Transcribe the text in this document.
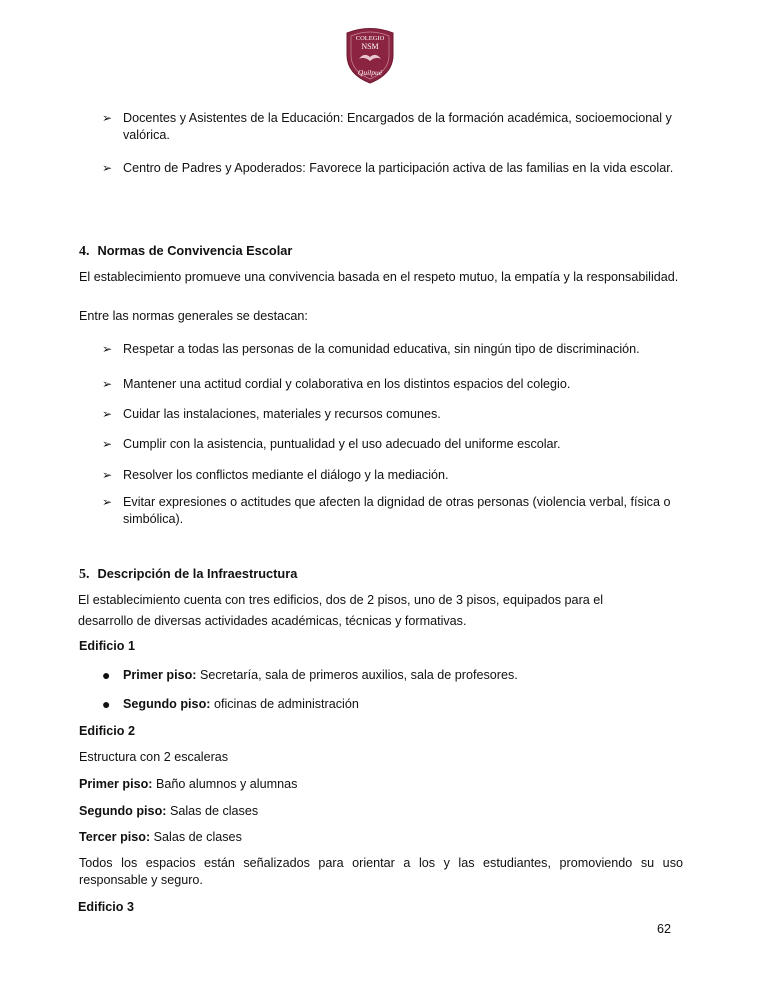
COLEGIO
NSM
Quilpué
➢ Docentes y Asistentes de la Educación: Encargados de la formación académica, socioemocional y valórica.
➢ Centro de Padres y Apoderados: Favorece la participación activa de las familias en la vida escolar.
4. Normas de Convivencia Escolar
El establecimiento promueve una convivencia basada en el respeto mutuo, la empatía y la responsabilidad.
Entre las normas generales se destacan:
➢ Respetar a todas las personas de la comunidad educativa, sin ningún tipo de discriminación.
➢ Mantener una actitud cordial y colaborativa en los distintos espacios del colegio.
➢ Cuidar las instalaciones, materiales y recursos comunes.
➢ Cumplir con la asistencia, puntualidad y el uso adecuado del uniforme escolar.
➢ Resolver los conflictos mediante el diálogo y la mediación.
➢ Evitar expresiones o actitudes que afecten la dignidad de otras personas (violencia verbal, física o simbólica).
5. Descripción de la Infraestructura
El establecimiento cuenta con tres edificios, dos de 2 pisos, uno de 3 pisos, equipados para el
desarrollo de diversas actividades académicas, técnicas y formativas.
Edificio 1
● Primer piso: Secretaría, sala de primeros auxilios, sala de profesores.
● Segundo piso: oficinas de administración
Edificio 2
Estructura con 2 escaleras
Primer piso: Baño alumnos y alumnas
Segundo piso: Salas de clases
Tercer piso: Salas de clases
Todos los espacios están señalizados para orientar a los y las estudiantes, promoviendo su uso responsable y seguro.
Edificio 3
62
